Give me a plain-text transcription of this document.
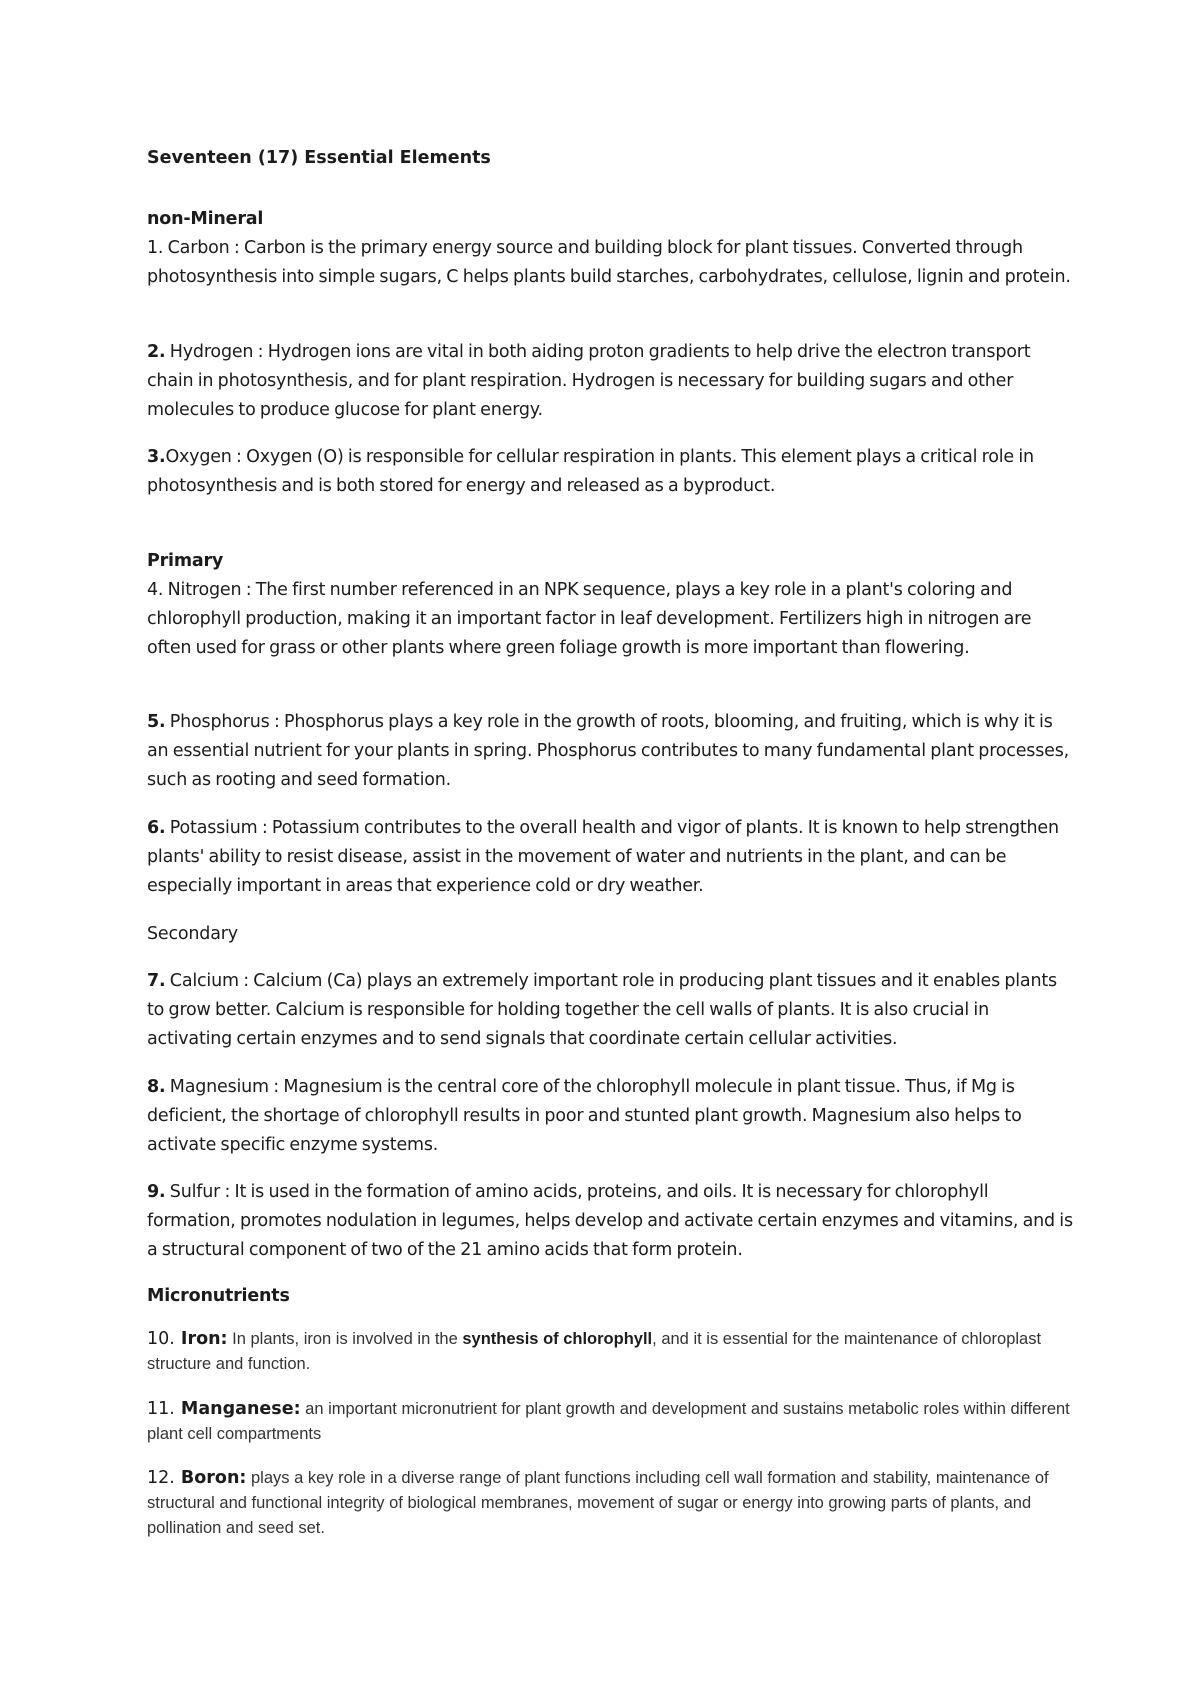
Seventeen (17) Essential Elements

non-Mineral

1. Carbon : Carbon is the primary energy source and building block for plant tissues. Converted through photosynthesis into simple sugars, C helps plants build starches, carbohydrates, cellulose, lignin and protein.

2. Hydrogen : Hydrogen ions are vital in both aiding proton gradients to help drive the electron transport chain in photosynthesis, and for plant respiration. Hydrogen is necessary for building sugars and other molecules to produce glucose for plant energy.

3.Oxygen : Oxygen (O) is responsible for cellular respiration in plants. This element plays a critical role in photosynthesis and is both stored for energy and released as a byproduct.

Primary

4. Nitrogen : The first number referenced in an NPK sequence, plays a key role in a plant's coloring and chlorophyll production, making it an important factor in leaf development. Fertilizers high in nitrogen are often used for grass or other plants where green foliage growth is more important than flowering.

5. Phosphorus : Phosphorus plays a key role in the growth of roots, blooming, and fruiting, which is why it is an essential nutrient for your plants in spring. Phosphorus contributes to many fundamental plant processes, such as rooting and seed formation.

6. Potassium : Potassium contributes to the overall health and vigor of plants. It is known to help strengthen plants' ability to resist disease, assist in the movement of water and nutrients in the plant, and can be especially important in areas that experience cold or dry weather.

Secondary

7. Calcium : Calcium (Ca) plays an extremely important role in producing plant tissues and it enables plants to grow better. Calcium is responsible for holding together the cell walls of plants. It is also crucial in activating certain enzymes and to send signals that coordinate certain cellular activities.

8. Magnesium : Magnesium is the central core of the chlorophyll molecule in plant tissue. Thus, if Mg is deficient, the shortage of chlorophyll results in poor and stunted plant growth. Magnesium also helps to activate specific enzyme systems.

9. Sulfur : It is used in the formation of amino acids, proteins, and oils. It is necessary for chlorophyll formation, promotes nodulation in legumes, helps develop and activate certain enzymes and vitamins, and is a structural component of two of the 21 amino acids that form protein.

Micronutrients

10. Iron: In plants, iron is involved in the synthesis of chlorophyll, and it is essential for the maintenance of chloroplast structure and function.

11. Manganese: an important micronutrient for plant growth and development and sustains metabolic roles within different plant cell compartments

12. Boron: plays a key role in a diverse range of plant functions including cell wall formation and stability, maintenance of structural and functional integrity of biological membranes, movement of sugar or energy into growing parts of plants, and pollination and seed set.
